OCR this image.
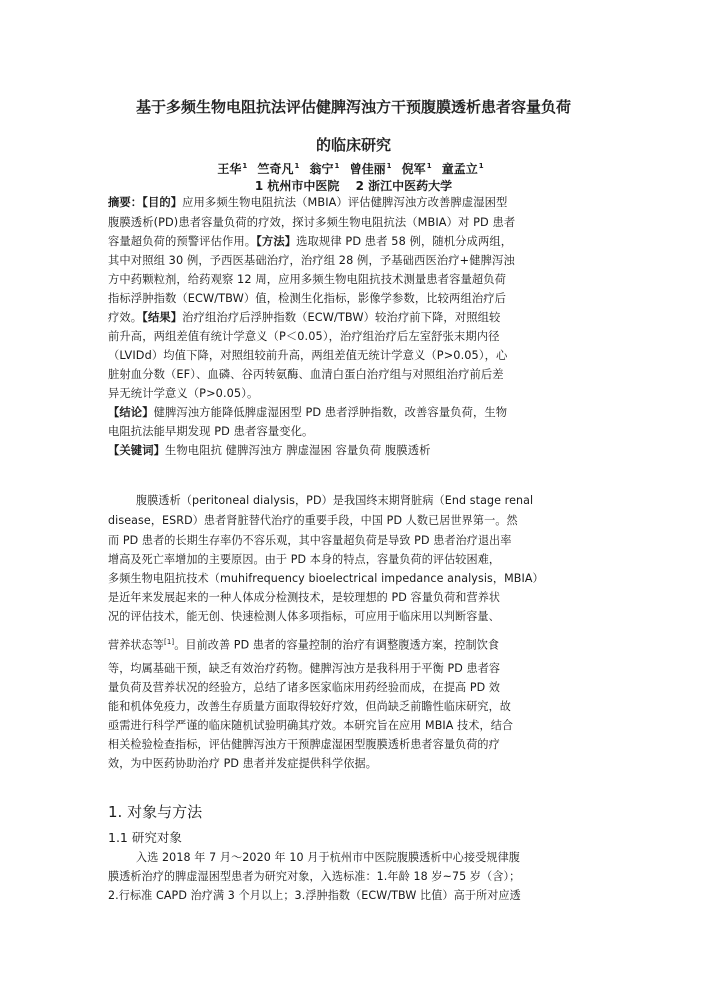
基于多频生物电阻抗法评估健脾泻浊方干预腹膜透析患者容量负荷
的临床研究
王华$^1$ 竺奇凡$^1$ 翁宁$^1$ 曾佳丽$^1$ 倪军$^1$ 童孟立$^1$
1 杭州市中医院 2 浙江中医药大学
摘要：【目的】应用多频生物电阻抗法（MBIA）评估健脾泻浊方改善脾虚湿困型
腹膜透析(PD)患者容量负荷的疗效，探讨多频生物电阻抗法（MBIA）对 PD 患者
容量超负荷的预警评估作用。【方法】选取规律 PD 患者 58 例，随机分成两组，
其中对照组 30 例，予西医基础治疗，治疗组 28 例，予基础西医治疗+健脾泻浊
方中药颗粒剂，给药观察 12 周，应用多频生物电阻抗技术测量患者容量超负荷
指标浮肿指数（ECW/TBW）值，检测生化指标，影像学参数，比较两组治疗后
疗效。【结果】治疗组治疗后浮肿指数（ECW/TBW）较治疗前下降，对照组较
前升高，两组差值有统计学意义（P＜0.05），治疗组治疗后左室舒张末期内径
（LVIDd）均值下降，对照组较前升高，两组差值无统计学意义（P>0.05），心
脏射血分数（EF）、血磷、谷丙转氨酶、血清白蛋白治疗组与对照组治疗前后差
异无统计学意义（P>0.05）。
【结论】健脾泻浊方能降低脾虚湿困型 PD 患者浮肿指数，改善容量负荷，生物
电阻抗法能早期发现 PD 患者容量变化。
【关键词】生物电阻抗 健脾泻浊方 脾虚湿困 容量负荷 腹膜透析
腹膜透析（peritoneal dialysis，PD）是我国终末期肾脏病（End stage renal
disease，ESRD）患者肾脏替代治疗的重要手段，中国 PD 人数已居世界第一。然
而 PD 患者的长期生存率仍不容乐观，其中容量超负荷是导致 PD 患者治疗退出率
增高及死亡率增加的主要原因。由于 PD 本身的特点，容量负荷的评估较困难，
多频生物电阻抗技术（muhifrequency bioelectrical impedance analysis，MBIA）
是近年来发展起来的一种人体成分检测技术，是较理想的 PD 容量负荷和营养状
况的评估技术，能无创、快速检测人体多项指标，可应用于临床用以判断容量、
营养状态等[1]。目前改善 PD 患者的容量控制的治疗有调整腹透方案，控制饮食
等，均属基础干预，缺乏有效治疗药物。健脾泻浊方是我科用于平衡 PD 患者容
量负荷及营养状况的经验方，总结了诸多医家临床用药经验而成，在提高 PD 效
能和机体免疫力，改善生存质量方面取得较好疗效，但尚缺乏前瞻性临床研究，故
亟需进行科学严谨的临床随机试验明确其疗效。本研究旨在应用 MBIA 技术，结合
相关检验检查指标，评估健脾泻浊方干预脾虚湿困型腹膜透析患者容量负荷的疗
效，为中医药协助治疗 PD 患者并发症提供科学依据。
1. 对象与方法
1.1 研究对象
入选 2018 年 7 月～2020 年 10 月于杭州市中医院腹膜透析中心接受规律腹
膜透析治疗的脾虚湿困型患者为研究对象，入选标准：1.年龄 18 岁~75 岁（含）；
2.行标准 CAPD 治疗满 3 个月以上；3.浮肿指数（ECW/TBW 比值）高于所对应透
